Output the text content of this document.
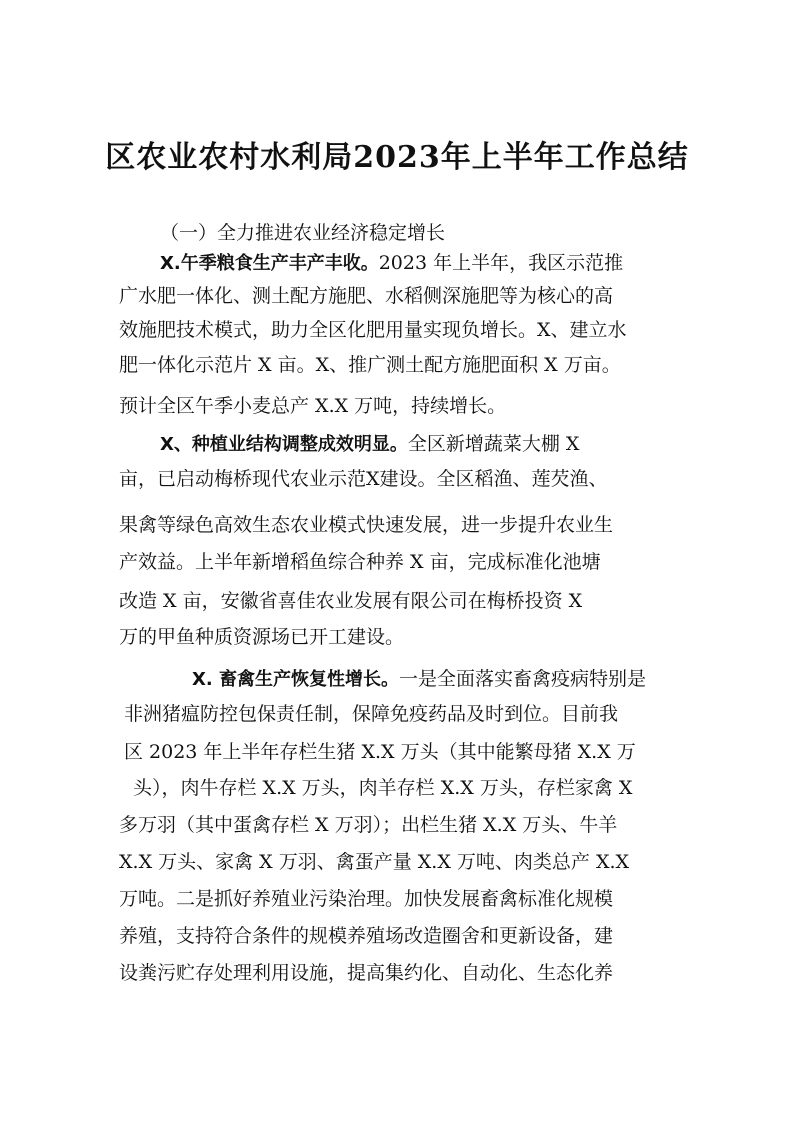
区农业农村水利局2023年上半年工作总结
（一）全力推进农业经济稳定增长
X.午季粮食生产丰产丰收。2023 年上半年，我区示范推
广水肥一体化、测土配方施肥、水稻侧深施肥等为核心的高
效施肥技术模式，助力全区化肥用量实现负增长。X、建立水
肥一体化示范片 X 亩。X、推广测土配方施肥面积 X 万亩。
预计全区午季小麦总产 X.X 万吨，持续增长。
X、种植业结构调整成效明显。全区新增蔬菜大棚 X
亩，已启动梅桥现代农业示范X建设。全区稻渔、莲芡渔、
果禽等绿色高效生态农业模式快速发展，进一步提升农业生
产效益。上半年新增稻鱼综合种养 X 亩，完成标准化池塘
改造 X 亩，安徽省喜佳农业发展有限公司在梅桥投资 X
万的甲鱼种质资源场已开工建设。
X. 畜禽生产恢复性增长。一是全面落实畜禽疫病特别是
非洲猪瘟防控包保责任制，保障免疫药品及时到位。目前我
区 2023 年上半年存栏生猪 X.X 万头（其中能繁母猪 X.X 万
头），肉牛存栏 X.X 万头，肉羊存栏 X.X 万头，存栏家禽 X
多万羽（其中蛋禽存栏 X 万羽）；出栏生猪 X.X 万头、牛羊
X.X 万头、家禽 X 万羽、禽蛋产量 X.X 万吨、肉类总产 X.X
万吨。二是抓好养殖业污染治理。加快发展畜禽标准化规模
养殖，支持符合条件的规模养殖场改造圈舍和更新设备，建
设粪污贮存处理利用设施，提高集约化、自动化、生态化养
